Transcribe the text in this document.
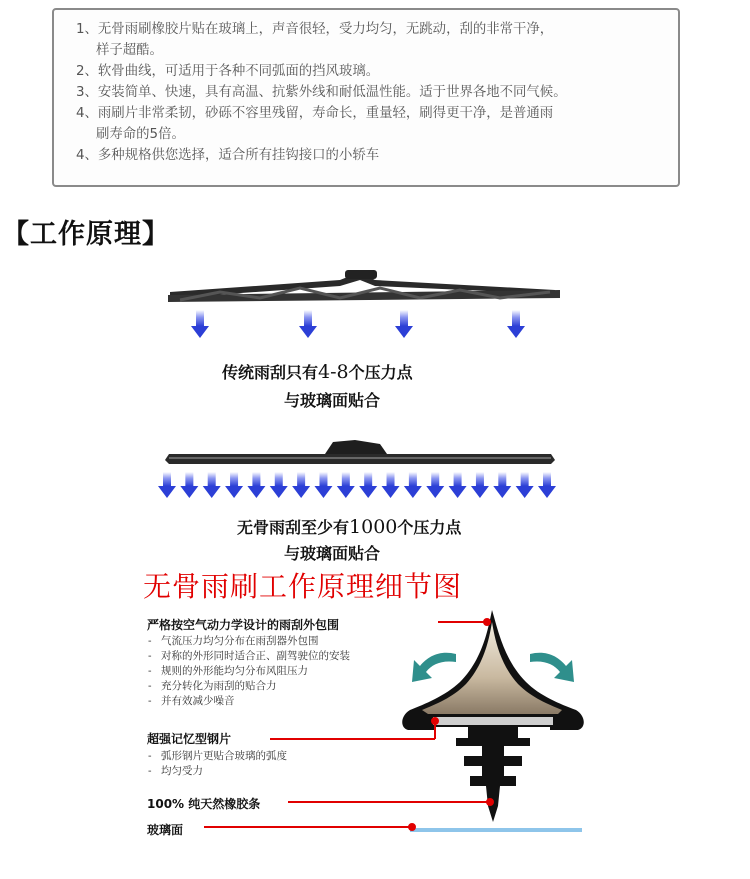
1、无骨雨刷橡胶片贴在玻璃上，声音很轻，受力均匀，无跳动，刮的非常干净，
样子超酷。
2、软骨曲线，可适用于各种不同弧面的挡风玻璃。
3、安装简单、快速，具有高温、抗紫外线和耐低温性能。适于世界各地不同气候。
4、雨刷片非常柔韧，砂砾不容里残留，寿命长，重量轻，刷得更干净，是普通雨
刷寿命的5倍。
4、多种规格供您选择，适合所有挂钩接口的小轿车
【工作原理】
传统雨刮只有4-8个压力点
与玻璃面贴合
无骨雨刮至少有1000个压力点
与玻璃面贴合
无骨雨刷工作原理细节图
严格按空气动力学设计的雨刮外包围
- 气流压力均匀分布在雨刮器外包围
- 对称的外形同时适合正、副驾驶位的安装
- 规则的外形能均匀分布风阻压力
- 充分转化为雨刮的贴合力
- 并有效减少噪音
超强记忆型钢片
- 弧形钢片更贴合玻璃的弧度
- 均匀受力
100% 纯天然橡胶条
玻璃面
